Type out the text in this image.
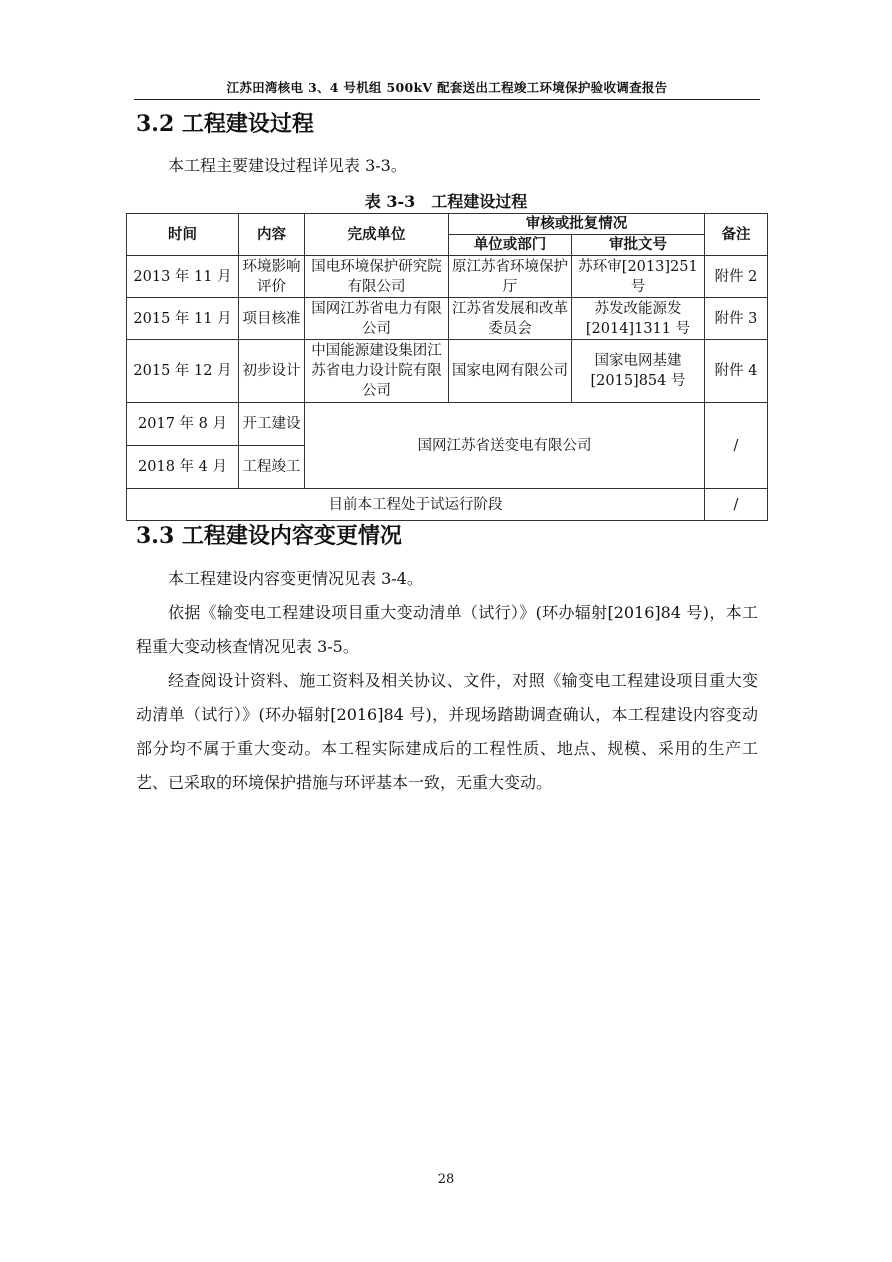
江苏田湾核电 3、4 号机组 500kV 配套送出工程竣工环境保护验收调查报告
3.2 工程建设过程
本工程主要建设过程详见表 3-3。
表 3-3　工程建设过程
时间	内容	完成单位	审核或批复情况		备注
			单位或部门	审批文号	
2013 年 11 月	环境影响评价	国电环境保护研究院有限公司	原江苏省环境保护厅	苏环审[2013]251号	附件 2
2015 年 11 月	项目核准	国网江苏省电力有限公司	江苏省发展和改革委员会	苏发改能源发[2014]1311 号	附件 3
2015 年 12 月	初步设计	中国能源建设集团江苏省电力设计院有限公司	国家电网有限公司	国家电网基建[2015]854 号	附件 4
2017 年 8 月	开工建设	国网江苏省送变电有限公司			/
2018 年 4 月	工程竣工				
目前本工程处于试运行阶段					/
3.3 工程建设内容变更情况
本工程建设内容变更情况见表 3-4。
依据《输变电工程建设项目重大变动清单（试行）》(环办辐射[2016]84 号)，本工程重大变动核查情况见表 3-5。
经查阅设计资料、施工资料及相关协议、文件，对照《输变电工程建设项目重大变动清单（试行）》(环办辐射[2016]84 号)，并现场踏勘调查确认，本工程建设内容变动部分均不属于重大变动。本工程实际建成后的工程性质、地点、规模、采用的生产工艺、已采取的环境保护措施与环评基本一致，无重大变动。
28
